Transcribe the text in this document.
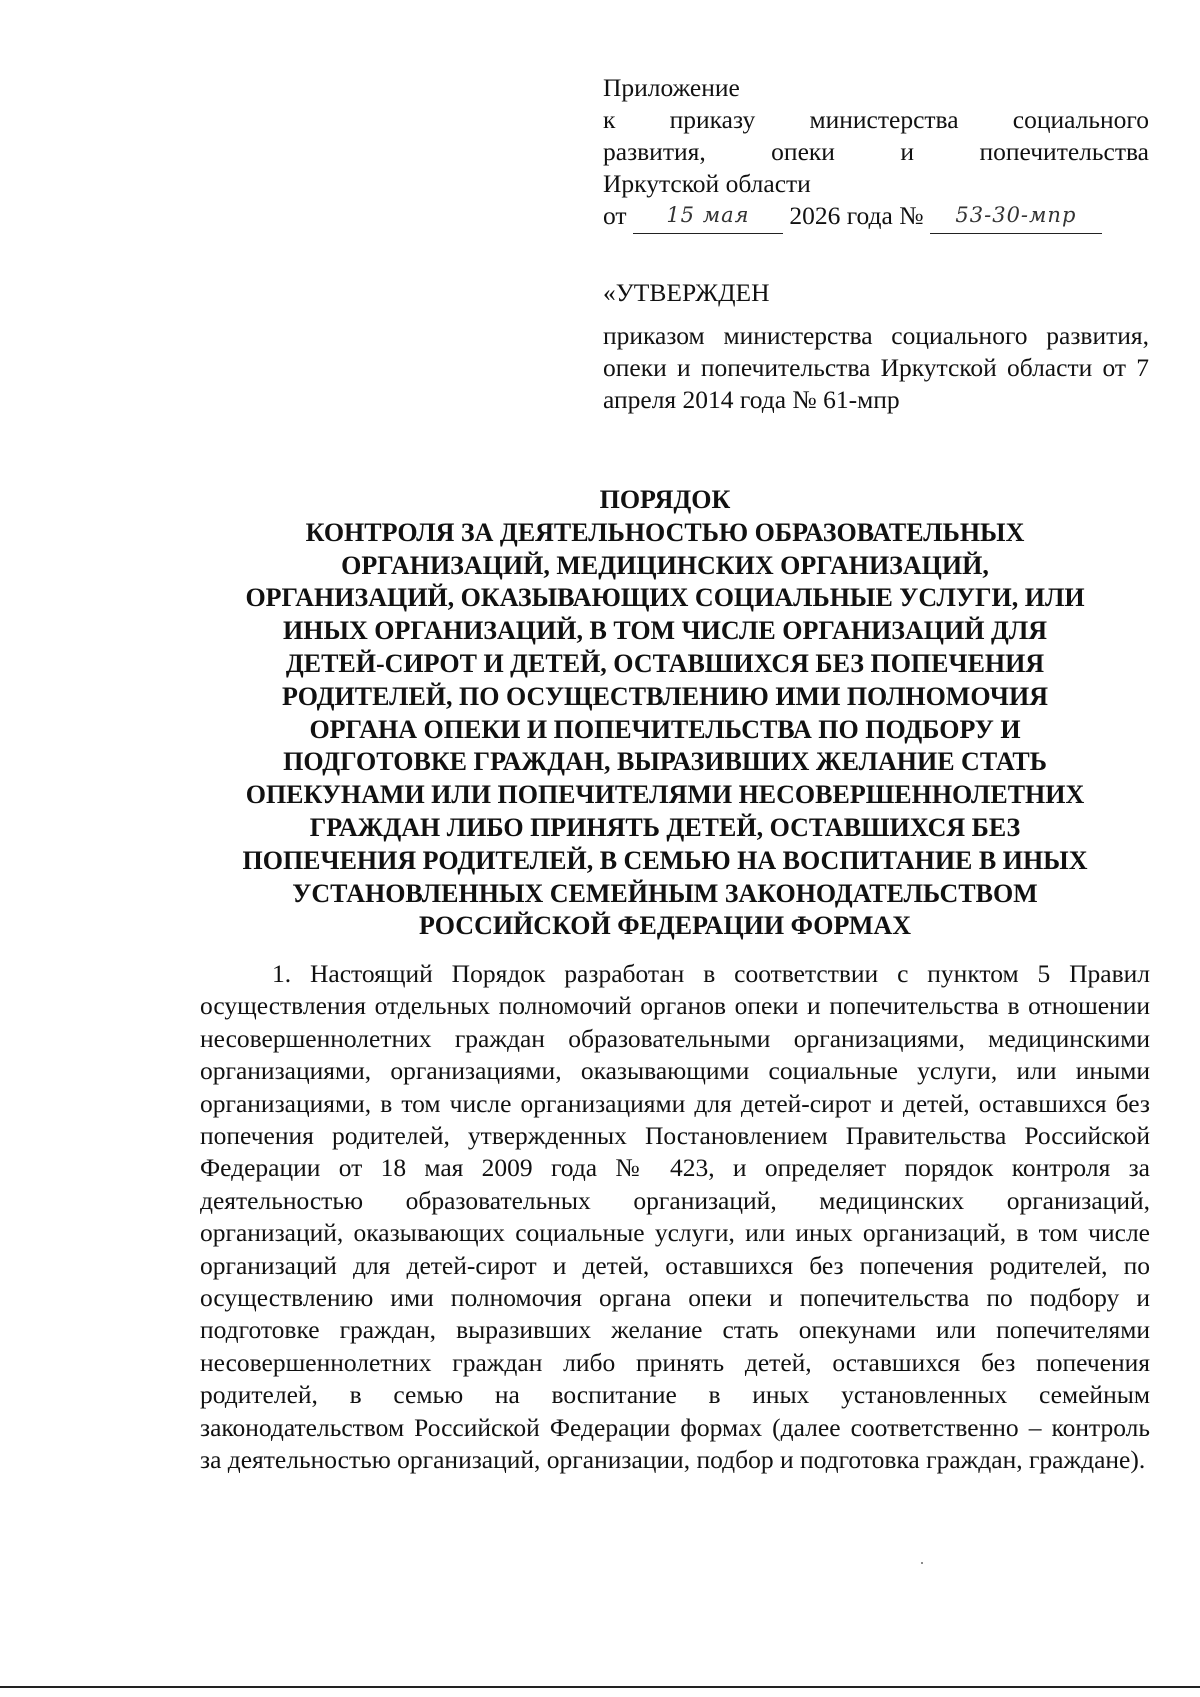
Приложение
к приказу министерства социального
развития, опеки и попечительства
Иркутской области
от 15 мая 2026 года № 53-30-мпр
«УТВЕРЖДЕН
приказом министерства социального развития, опеки и попечительства Иркутской области от 7 апреля 2014 года № 61-мпр
ПОРЯДОК
КОНТРОЛЯ ЗА ДЕЯТЕЛЬНОСТЬЮ ОБРАЗОВАТЕЛЬНЫХ
ОРГАНИЗАЦИЙ, МЕДИЦИНСКИХ ОРГАНИЗАЦИЙ,
ОРГАНИЗАЦИЙ, ОКАЗЫВАЮЩИХ СОЦИАЛЬНЫЕ УСЛУГИ, ИЛИ
ИНЫХ ОРГАНИЗАЦИЙ, В ТОМ ЧИСЛЕ ОРГАНИЗАЦИЙ ДЛЯ
ДЕТЕЙ-СИРОТ И ДЕТЕЙ, ОСТАВШИХСЯ БЕЗ ПОПЕЧЕНИЯ
РОДИТЕЛЕЙ, ПО ОСУЩЕСТВЛЕНИЮ ИМИ ПОЛНОМОЧИЯ
ОРГАНА ОПЕКИ И ПОПЕЧИТЕЛЬСТВА ПО ПОДБОРУ И
ПОДГОТОВКЕ ГРАЖДАН, ВЫРАЗИВШИХ ЖЕЛАНИЕ СТАТЬ
ОПЕКУНАМИ ИЛИ ПОПЕЧИТЕЛЯМИ НЕСОВЕРШЕННОЛЕТНИХ
ГРАЖДАН ЛИБО ПРИНЯТЬ ДЕТЕЙ, ОСТАВШИХСЯ БЕЗ
ПОПЕЧЕНИЯ РОДИТЕЛЕЙ, В СЕМЬЮ НА ВОСПИТАНИЕ В ИНЫХ
УСТАНОВЛЕННЫХ СЕМЕЙНЫМ ЗАКОНОДАТЕЛЬСТВОМ
РОССИЙСКОЙ ФЕДЕРАЦИИ ФОРМАХ
1. Настоящий Порядок разработан в соответствии с пунктом 5 Правил осуществления отдельных полномочий органов опеки и попечительства в отношении несовершеннолетних граждан образовательными организациями, медицинскими организациями, организациями, оказывающими социальные услуги, или иными организациями, в том числе организациями для детей-сирот и детей, оставшихся без попечения родителей, утвержденных Постановлением Правительства Российской Федерации от 18 мая 2009 года № 423, и определяет порядок контроля за деятельностью образовательных организаций, медицинских организаций, организаций, оказывающих социальные услуги, или иных организаций, в том числе организаций для детей-сирот и детей, оставшихся без попечения родителей, по осуществлению ими полномочия органа опеки и попечительства по подбору и подготовке граждан, выразивших желание стать опекунами или попечителями несовершеннолетних граждан либо принять детей, оставшихся без попечения родителей, в семью на воспитание в иных установленных семейным законодательством Российской Федерации формах (далее соответственно – контроль за деятельностью организаций, организации, подбор и подготовка граждан, граждане).
